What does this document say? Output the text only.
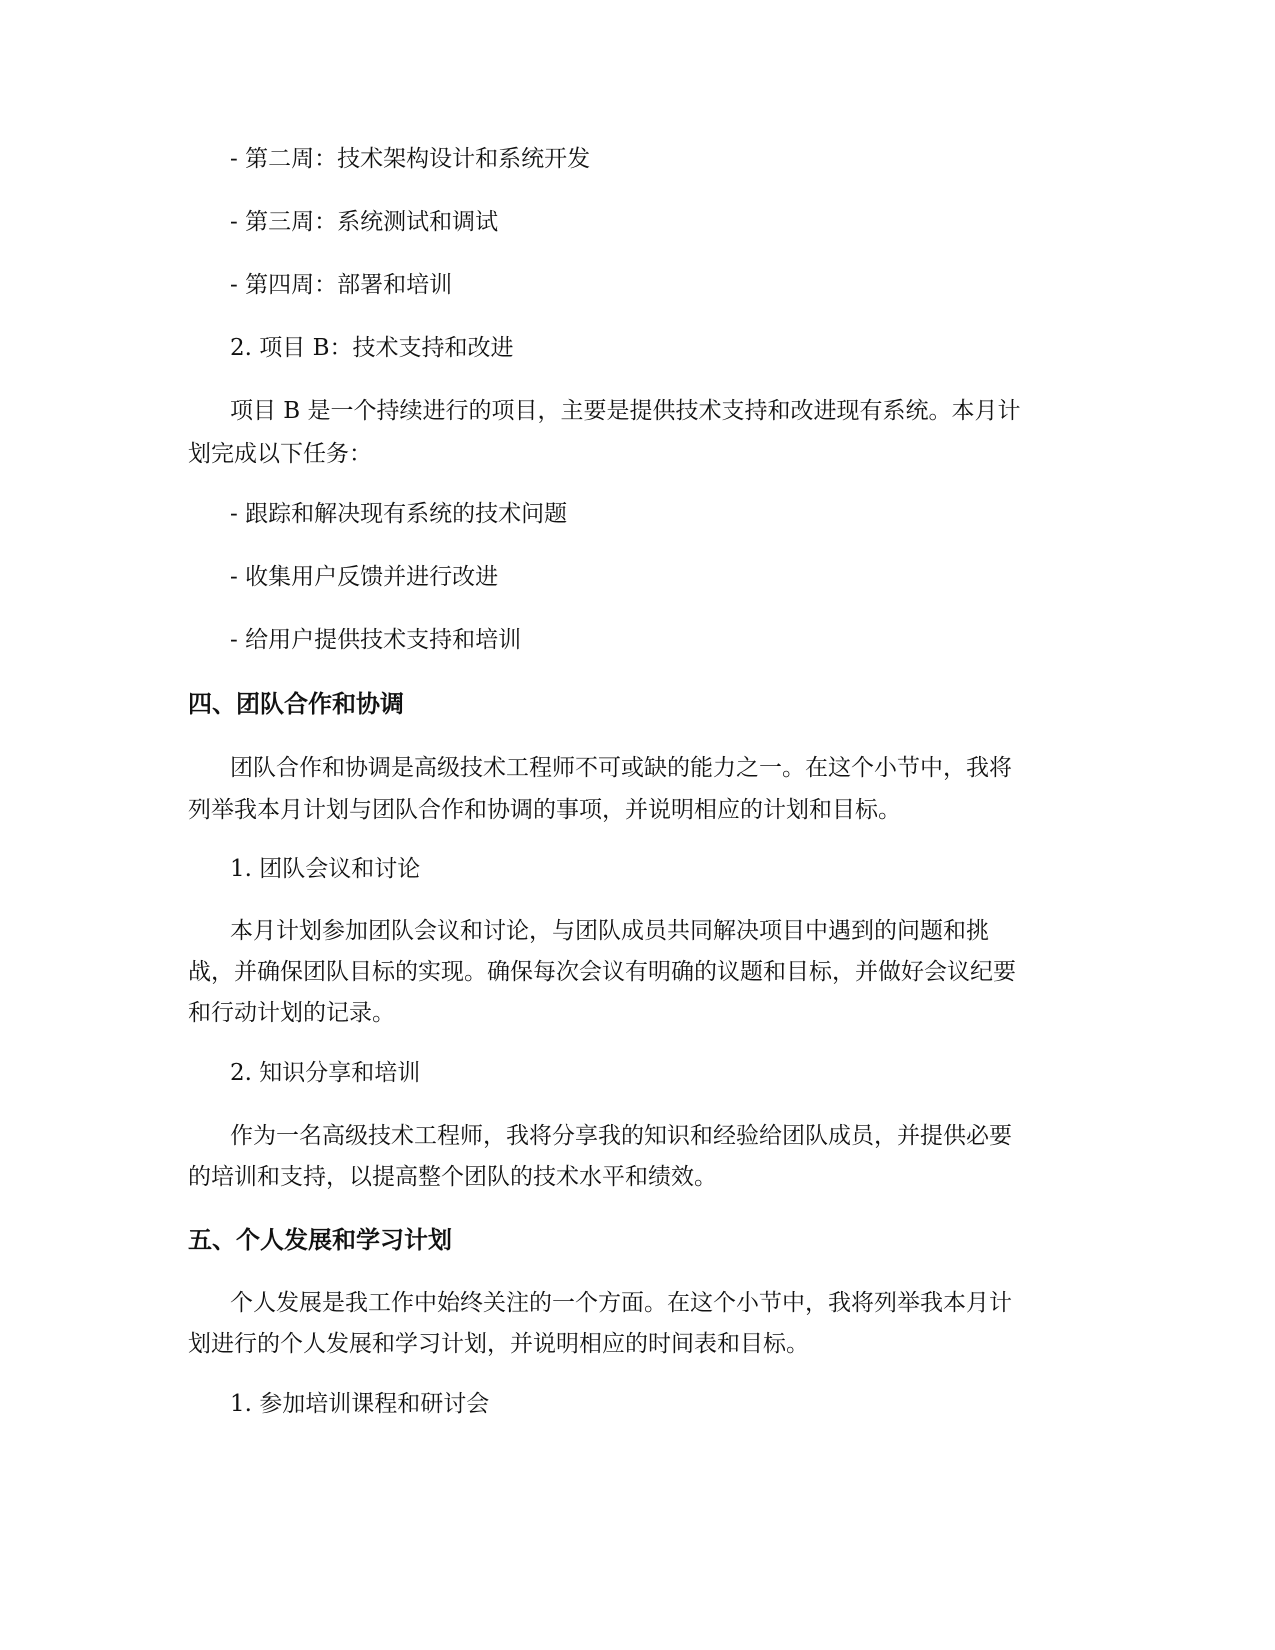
- 第二周：技术架构设计和系统开发
- 第三周：系统测试和调试
- 第四周：部署和培训
2. 项目 B：技术支持和改进
项目 B 是一个持续进行的项目，主要是提供技术支持和改进现有系统。本月计
划完成以下任务：
- 跟踪和解决现有系统的技术问题
- 收集用户反馈并进行改进
- 给用户提供技术支持和培训
四、团队合作和协调
团队合作和协调是高级技术工程师不可或缺的能力之一。在这个小节中，我将
列举我本月计划与团队合作和协调的事项，并说明相应的计划和目标。
1. 团队会议和讨论
本月计划参加团队会议和讨论，与团队成员共同解决项目中遇到的问题和挑
战，并确保团队目标的实现。确保每次会议有明确的议题和目标，并做好会议纪要
和行动计划的记录。
2. 知识分享和培训
作为一名高级技术工程师，我将分享我的知识和经验给团队成员，并提供必要
的培训和支持，以提高整个团队的技术水平和绩效。
五、个人发展和学习计划
个人发展是我工作中始终关注的一个方面。在这个小节中，我将列举我本月计
划进行的个人发展和学习计划，并说明相应的时间表和目标。
1. 参加培训课程和研讨会
